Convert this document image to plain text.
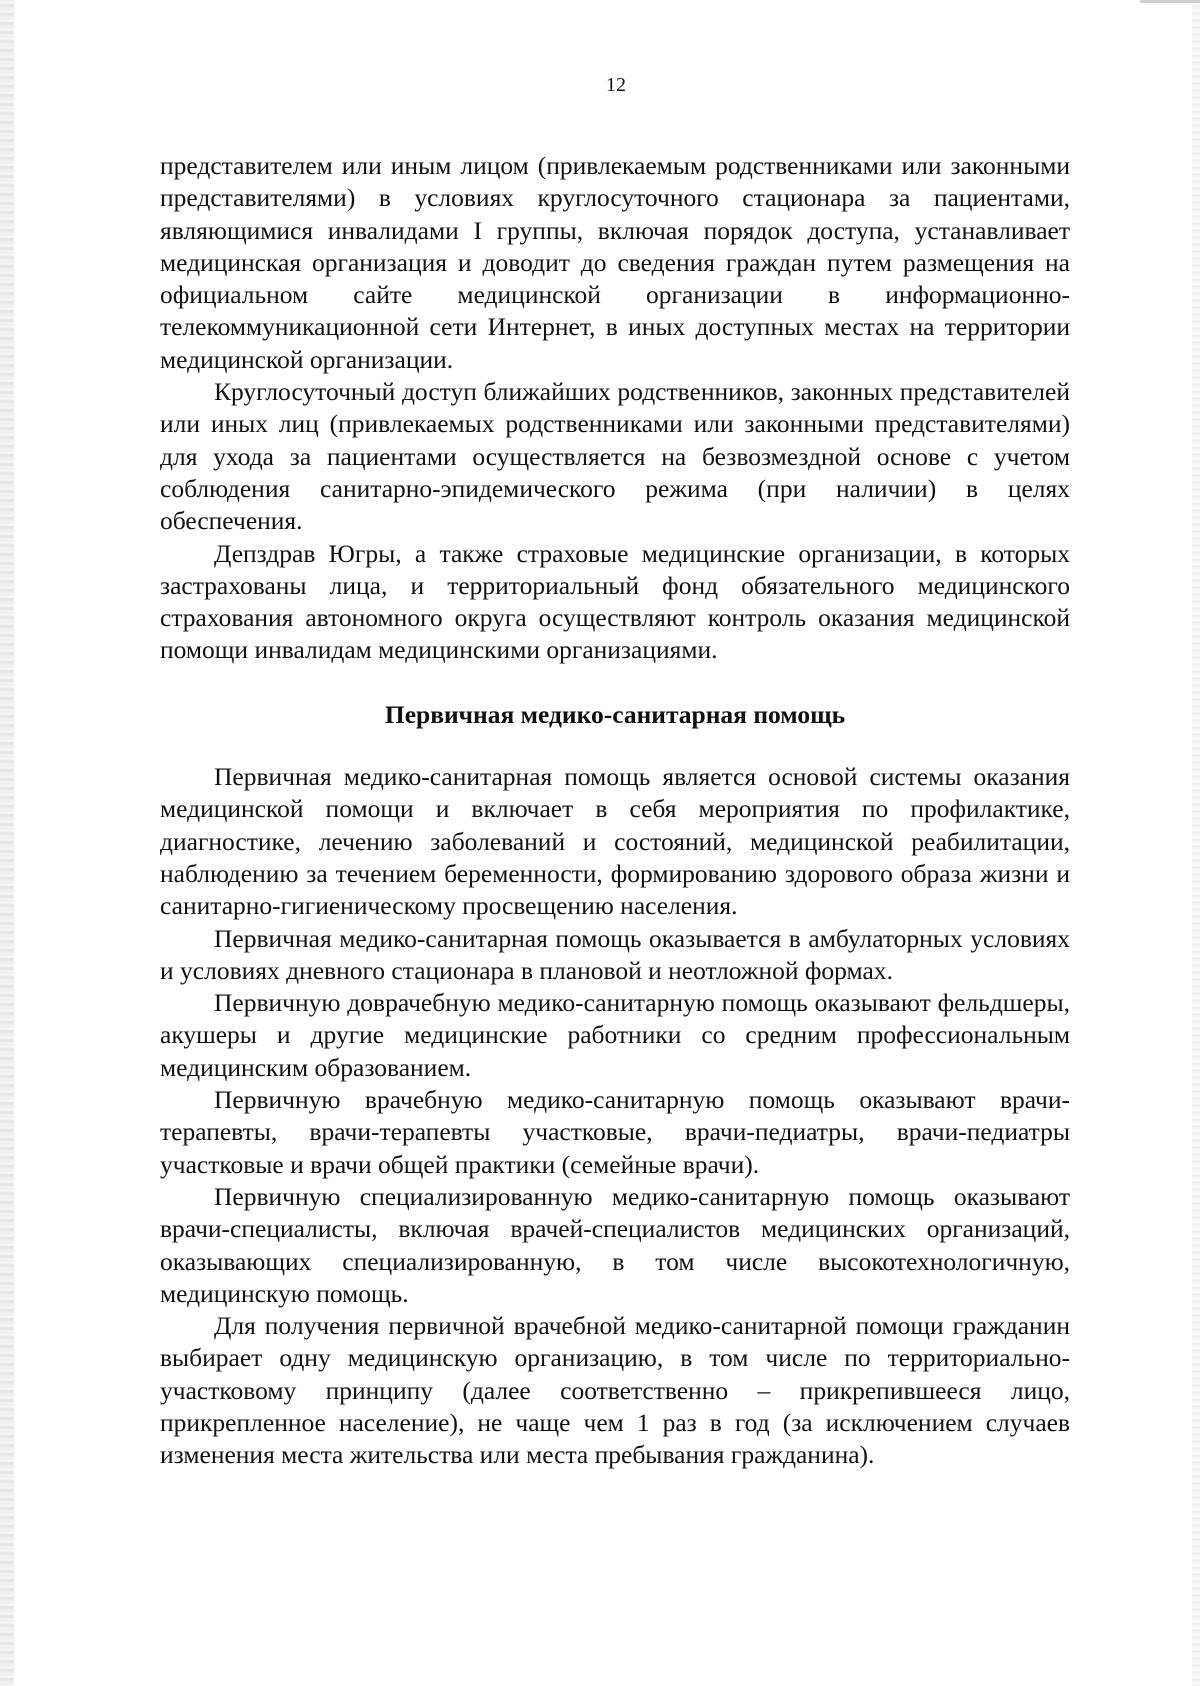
12

представителем или иным лицом (привлекаемым родственниками или законными представителями) в условиях круглосуточного стационара за пациентами, являющимися инвалидами I группы, включая порядок доступа, устанавливает медицинская организация и доводит до сведения граждан путем размещения на официальном сайте медицинской организации в информационно-телекоммуникационной сети Интернет, в иных доступных местах на территории медицинской организации.

Круглосуточный доступ ближайших родственников, законных представителей или иных лиц (привлекаемых родственниками или законными представителями) для ухода за пациентами осуществляется на безвозмездной основе с учетом соблюдения санитарно-эпидемического режима (при наличии) в целях обеспечения.

Депздрав Югры, а также страховые медицинские организации, в которых застрахованы лица, и территориальный фонд обязательного медицинского страхования автономного округа осуществляют контроль оказания медицинской помощи инвалидам медицинскими организациями.

Первичная медико-санитарная помощь

Первичная медико-санитарная помощь является основой системы оказания медицинской помощи и включает в себя мероприятия по профилактике, диагностике, лечению заболеваний и состояний, медицинской реабилитации, наблюдению за течением беременности, формированию здорового образа жизни и санитарно-гигиеническому просвещению населения.

Первичная медико-санитарная помощь оказывается в амбулаторных условиях и условиях дневного стационара в плановой и неотложной формах.

Первичную доврачебную медико-санитарную помощь оказывают фельдшеры, акушеры и другие медицинские работники со средним профессиональным медицинским образованием.

Первичную врачебную медико-санитарную помощь оказывают врачи-терапевты, врачи-терапевты участковые, врачи-педиатры, врачи-педиатры участковые и врачи общей практики (семейные врачи).

Первичную специализированную медико-санитарную помощь оказывают врачи-специалисты, включая врачей-специалистов медицинских организаций, оказывающих специализированную, в том числе высокотехнологичную, медицинскую помощь.

Для получения первичной врачебной медико-санитарной помощи гражданин выбирает одну медицинскую организацию, в том числе по территориально-участковому принципу (далее соответственно – прикрепившееся лицо, прикрепленное население), не чаще чем 1 раз в год (за исключением случаев изменения места жительства или места пребывания гражданина).
